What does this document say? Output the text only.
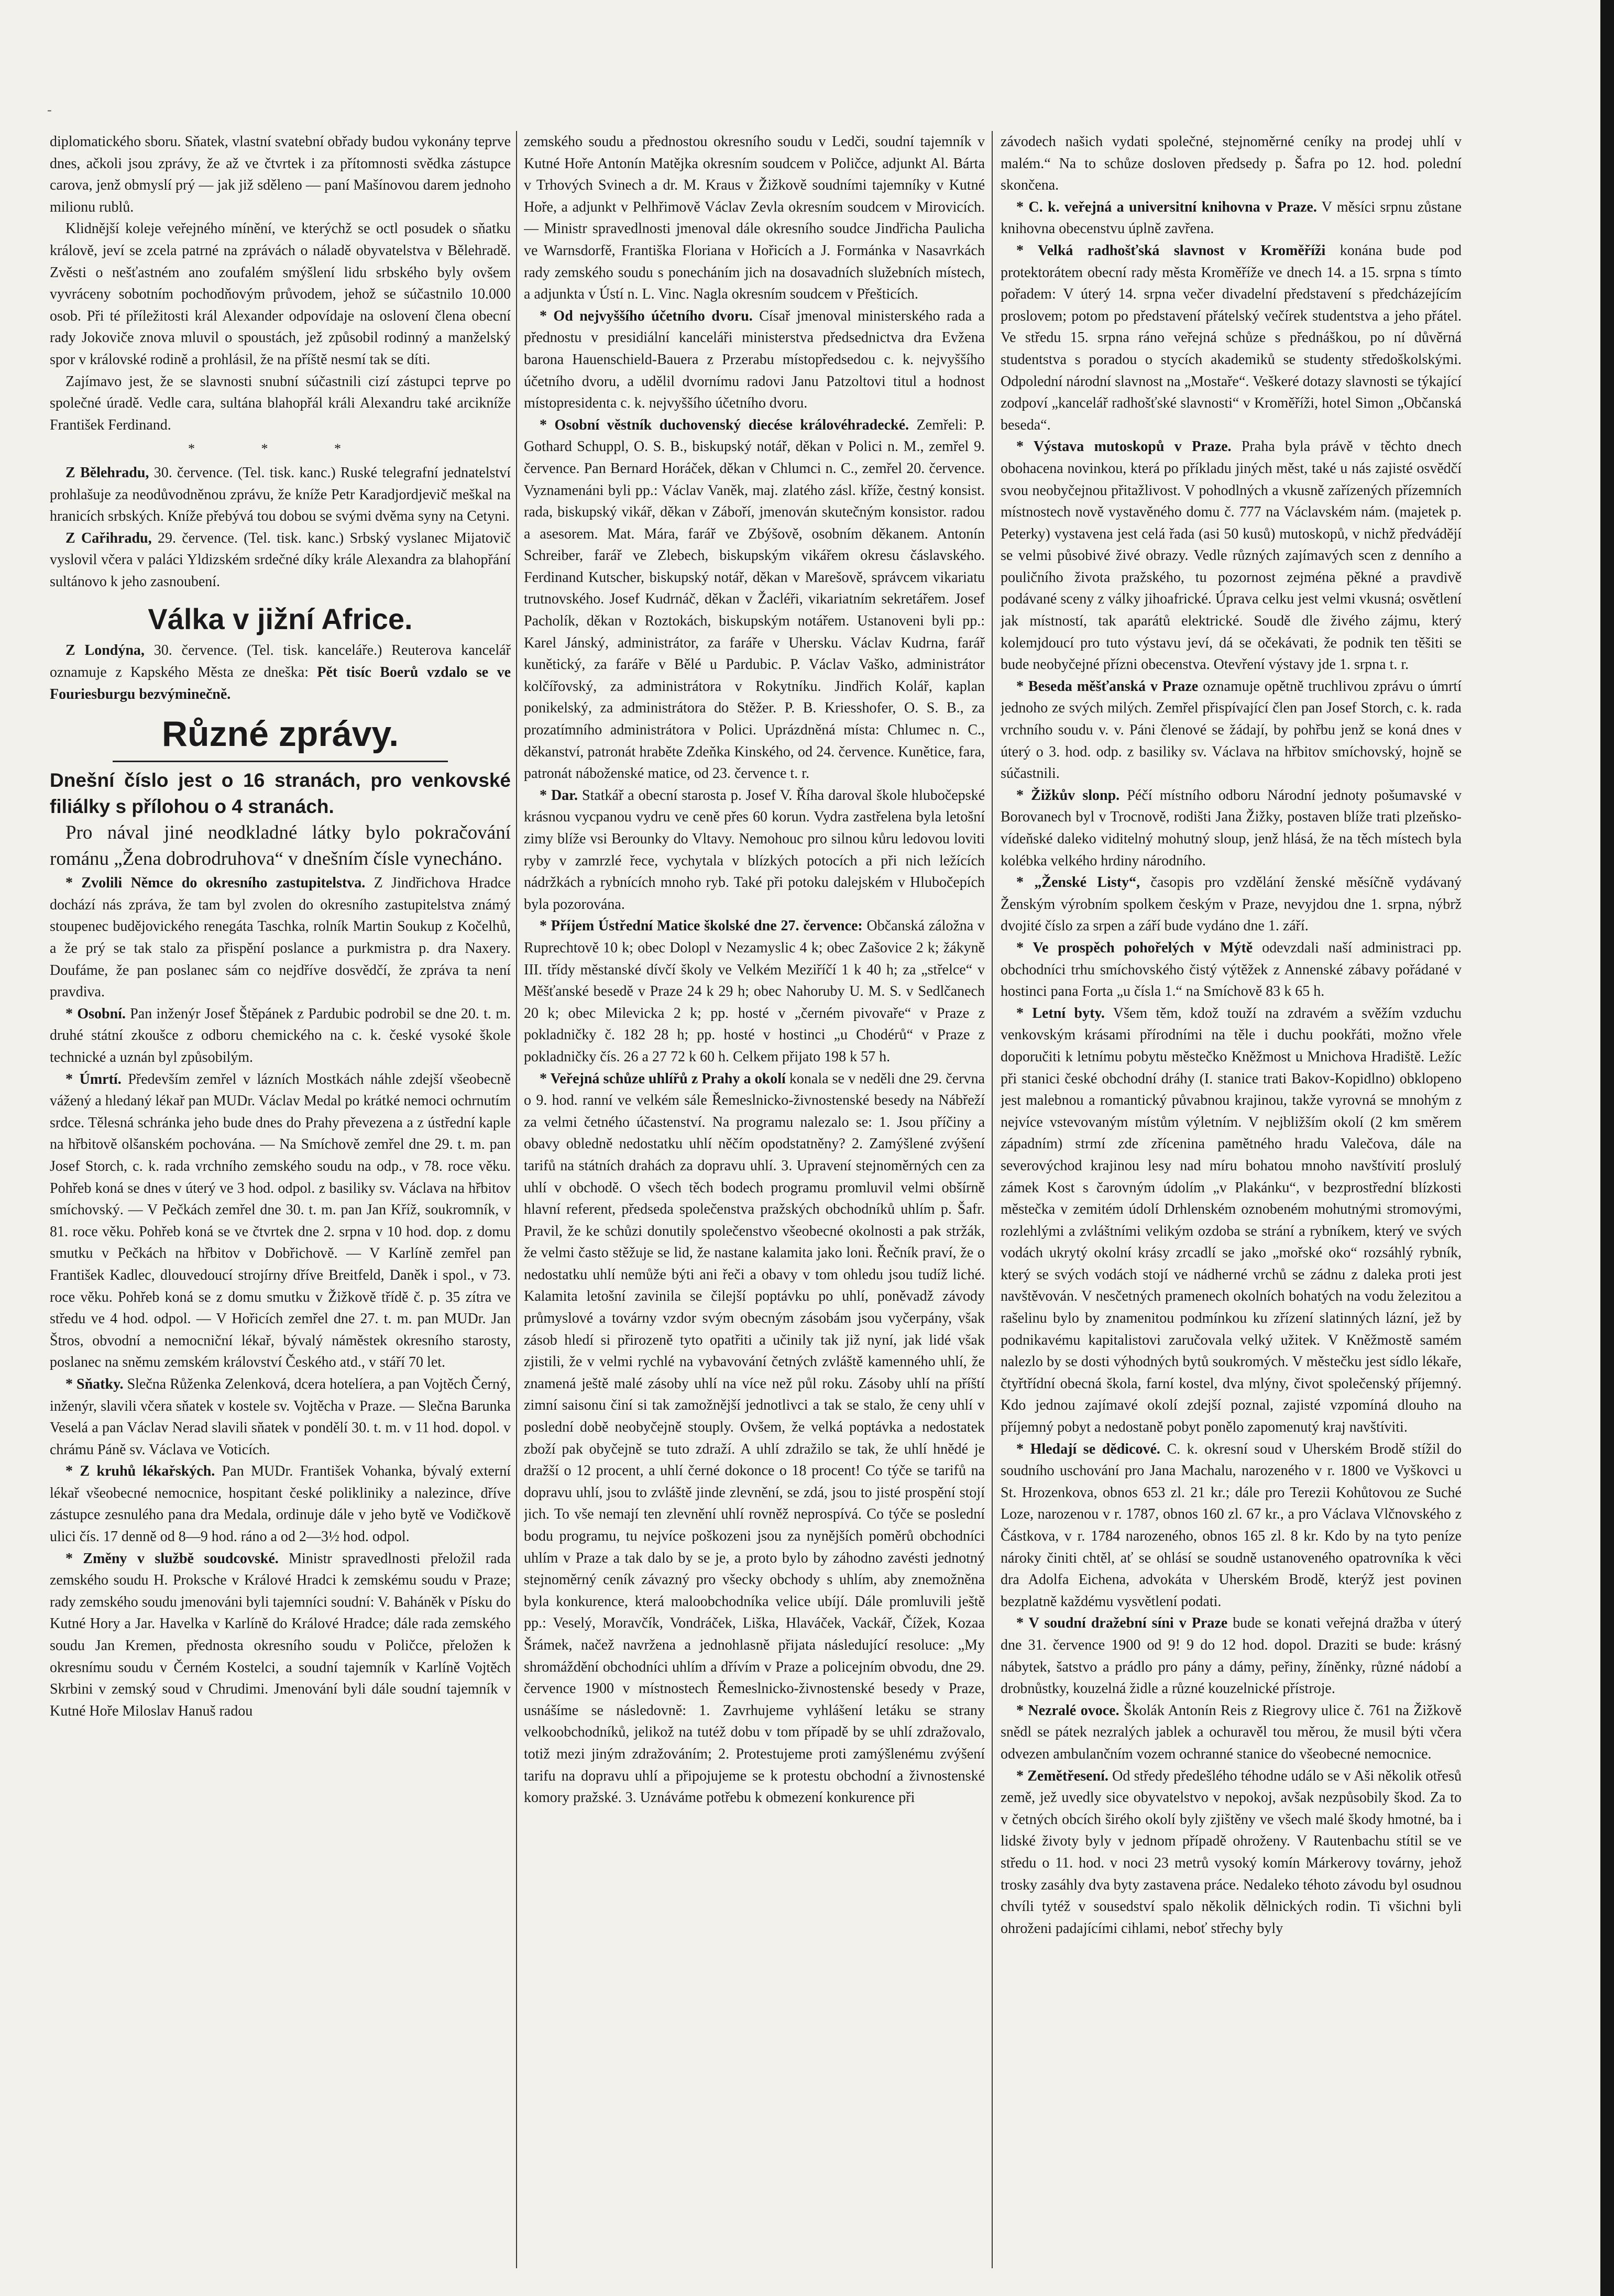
-

diplomatického sboru. Sňatek, vlastní svatební obřady budou vykonány teprve dnes, ačkoli jsou zprávy, že až ve čtvrtek i za přítomnosti svědka zástupce carova, jenž obmyslí prý — jak již sděleno — paní Mašínovou darem jednoho milionu rublů.

Klidnější koleje veřejného mínění, ve kterýchž se octl posudek o sňatku králově, jeví se zcela patrné na zprávách o náladě obyvatelstva v Bělehradě. Zvěsti o nešťastném ano zoufalém smýšlení lidu srbského byly ovšem vyvráceny sobotním pochodňovým průvodem, jehož se súčastnilo 10.000 osob. Při té příležitosti král Alexander odpovídaje na oslovení člena obecní rady Jokoviče znova mluvil o spoustách, jež způsobil rodinný a manželský spor v královské rodině a prohlásil, že na příště nesmí tak se díti.

Zajímavo jest, že se slavnosti snubní súčastnili cizí zástupci teprve po společné úradě. Vedle cara, sultána blahopřál králi Alexandru také arcikníže František Ferdinand.

* * *

Z Bělehradu, 30. července. (Tel. tisk. kanc.) Ruské telegrafní jednatelství prohlašuje za neodůvodněnou zprávu, že kníže Petr Karadjordjevič meškal na hranicích srbských. Kníže přebývá tou dobou se svými dvěma syny na Cetyni.

Z Cařihradu, 29. července. (Tel. tisk. kanc.) Srbský vyslanec Mijatovič vyslovil včera v paláci Yldizském srdečné díky krále Alexandra za blahopřání sultánovo k jeho zasnoubení.

Válka v jižní Africe.

Z Londýna, 30. července. (Tel. tisk. kanceláře.) Reuterova kancelář oznamuje z Kapského Města ze dneška: Pět tisíc Boerů vzdalo se ve Fouriesburgu bezvýminečně.

Různé zprávy.
Dnešní číslo jest o 16 stranách, pro venkovské filiálky s přílohou o 4 stranách.

Pro nával jiné neodkladné látky bylo pokračování románu „Žena dobrodruhova“ v dnešním čísle vynecháno.

* Zvolili Němce do okresního zastupitelstva. Z Jindřichova Hradce dochází nás zpráva, že tam byl zvolen do okresního zastupitelstva známý stoupenec budějovického renegáta Taschka, rolník Martin Soukup z Kočelhů, a že prý se tak stalo za přispění poslance a purkmistra p. dra Naxery. Doufáme, že pan poslanec sám co nejdříve dosvědčí, že zpráva ta není pravdiva.

* Osobní. Pan inženýr Josef Štěpánek z Pardubic podrobil se dne 20. t. m. druhé státní zkoušce z odboru chemického na c. k. české vysoké škole technické a uznán byl způsobilým.

* Úmrtí. Především zemřel v lázních Mostkách náhle zdejší všeobecně vážený a hledaný lékař pan MUDr. Václav Medal po krátké nemoci ochrnutím srdce. Tělesná schránka jeho bude dnes do Prahy převezena a z ústřední kaple na hřbitově olšanském pochována. — Na Smíchově zemřel dne 29. t. m. pan Josef Storch, c. k. rada vrchního zemského soudu na odp., v 78. roce věku. Pohřeb koná se dnes v úterý ve 3 hod. odpol. z basiliky sv. Václava na hřbitov smíchovský. — V Pečkách zemřel dne 30. t. m. pan Jan Kříž, soukromník, v 81. roce věku. Pohřeb koná se ve čtvrtek dne 2. srpna v 10 hod. dop. z domu smutku v Pečkách na hřbitov v Dobřichově. — V Karlíně zemřel pan František Kadlec, dlouvedoucí strojírny dříve Breitfeld, Daněk i spol., v 73. roce věku. Pohřeb koná se z domu smutku v Žižkově třídě č. p. 35 zítra ve středu ve 4 hod. odpol. — V Hořicích zemřel dne 27. t. m. pan MUDr. Jan Štros, obvodní a nemocniční lékař, bývalý náměstek okresního starosty, poslanec na sněmu zemském království Českého atd., v stáří 70 let.

* Sňatky. Slečna Růženka Zelenková, dcera hotelíera, a pan Vojtěch Černý, inženýr, slavili včera sňatek v kostele sv. Vojtěcha v Praze. — Slečna Barunka Veselá a pan Václav Nerad slavili sňatek v pondělí 30. t. m. v 11 hod. dopol. v chrámu Páně sv. Václava ve Voticích.

* Z kruhů lékařských. Pan MUDr. František Vohanka, bývalý externí lékař všeobecné nemocnice, hospitant české polikliniky a nalezince, dříve zástupce zesnulého pana dra Medala, ordinuje dále v jeho bytě ve Vodičkově ulici čís. 17 denně od 8—9 hod. ráno a od 2—3½ hod. odpol.

* Změny v službě soudcovské. Ministr spravedlnosti přeložil rada zemského soudu H. Proksche v Králové Hradci k zemskému soudu v Praze; rady zemského soudu jmenováni byli tajemníci soudní: V. Baháněk v Písku do Kutné Hory a Jar. Havelka v Karlíně do Králové Hradce; dále rada zemského soudu Jan Kremen, přednosta okresního soudu v Poličce, přeložen k okresnímu soudu v Černém Kostelci, a soudní tajemník v Karlíně Vojtěch Skrbini v zemský soud v Chrudimi. Jmenování byli dále soudní tajemník v Kutné Hoře Miloslav Hanuš radou

zemského soudu a přednostou okresního soudu v Ledči, soudní tajemník v Kutné Hoře Antonín Matějka okresním soudcem v Poličce, adjunkt Al. Bárta v Trhových Svinech a dr. M. Kraus v Žižkově soudními tajemníky v Kutné Hoře, a adjunkt v Pelhřimově Václav Zevla okresním soudcem v Mirovicích. — Ministr spravedlnosti jmenoval dále okresního soudce Jindřicha Paulicha ve Warnsdorfě, Františka Floriana v Hořicích a J. Formánka v Nasavrkách rady zemského soudu s ponecháním jich na dosavadních služebních místech, a adjunkta v Ústí n. L. Vinc. Nagla okresním soudcem v Přešticích.

* Od nejvyššího účetního dvoru. Císař jmenoval ministerského rada a přednostu v presidiální kanceláři ministerstva předsednictva dra Evžena barona Hauenschield-Bauera z Przerabu místopředsedou c. k. nejvyššího účetního dvoru, a udělil dvornímu radovi Janu Patzoltovi titul a hodnost místopresidenta c. k. nejvyššího účetního dvoru.

* Osobní věstník duchovenský diecése královéhradecké. Zemřeli: P. Gothard Schuppl, O. S. B., biskupský notář, děkan v Polici n. M., zemřel 9. července. Pan Bernard Horáček, děkan v Chlumci n. C., zemřel 20. července. Vyznamenáni byli pp.: Václav Vaněk, maj. zlatého zásl. kříže, čestný konsist. rada, biskupský vikář, děkan v Záboří, jmenován skutečným konsistor. radou a asesorem. Mat. Mára, farář ve Zbýšově, osobním děkanem. Antonín Schreiber, farář ve Zlebech, biskupským vikářem okresu čáslavského. Ferdinand Kutscher, biskupský notář, děkan v Marešově, správcem vikariatu trutnovského. Josef Kudrnáč, děkan v Žacléři, vikariatním sekretářem. Josef Pacholík, děkan v Roztokách, biskupským notářem. Ustanoveni byli pp.: Karel Jánský, administrátor, za faráře v Uhersku. Václav Kudrna, farář kunětický, za faráře v Bělé u Pardubic. P. Václav Vaško, administrátor kolčířovský, za administrátora v Rokytníku. Jindřich Kolář, kaplan ponikelský, za administrátora do Stěžer. P. B. Kriesshofer, O. S. B., za prozatímního administrátora v Polici. Uprázdněná místa: Chlumec n. C., děkanství, patronát hraběte Zdeňka Kinského, od 24. července. Kunětice, fara, patronát náboženské matice, od 23. července t. r.

* Dar. Statkář a obecní starosta p. Josef V. Říha daroval škole hlubočepské krásnou vycpanou vydru ve ceně přes 60 korun. Vydra zastřelena byla letošní zimy blíže vsi Berounky do Vltavy. Nemohouc pro silnou kůru ledovou loviti ryby v zamrzlé řece, vychytala v blízkých potocích a při nich ležících nádržkách a rybnících mnoho ryb. Také při potoku dalejském v Hlubočepích byla pozorována.

* Příjem Ústřední Matice školské dne 27. července: Občanská záložna v Ruprechtově 10 k; obec Dolopl v Nezamyslic 4 k; obec Zašovice 2 k; žákyně III. třídy městanské dívčí školy ve Velkém Meziříčí 1 k 40 h; za „střelce“ v Měšťanské besedě v Praze 24 k 29 h; obec Nahoruby U. M. S. v Sedlčanech 20 k; obec Milevicka 2 k; pp. hosté v „černém pivovaře“ v Praze z pokladničky č. 182 28 h; pp. hosté v hostinci „u Chodérů“ v Praze z pokladničky čís. 26 a 27 72 k 60 h. Celkem přijato 198 k 57 h.

* Veřejná schůze uhlířů z Prahy a okolí konala se v neděli dne 29. června o 9. hod. ranní ve velkém sále Řemeslnicko-živnostenské besedy na Nábřeží za velmi četného účastenství. Na programu nalezalo se: 1. Jsou příčiny a obavy obledně nedostatku uhlí něčím opodstatněny? 2. Zamýšlené zvýšení tarifů na státních drahách za dopravu uhlí. 3. Upravení stejnoměrných cen za uhlí v obchodě. O všech těch bodech programu promluvil velmi obšírně hlavní referent, předseda společenstva pražských obchodníků uhlím p. Šafr. Pravil, že ke schůzi donutily společenstvo všeobecné okolnosti a pak stržák, že velmi často stěžuje se lid, že nastane kalamita jako loni. Řečník praví, že o nedostatku uhlí nemůže býti ani řeči a obavy v tom ohledu jsou tudíž liché. Kalamita letošní zavinila se čilejší poptávku po uhlí, poněvadž závody průmyslové a továrny vzdor svým obecným zásobám jsou vyčerpány, však zásob hledí si přirozeně tyto opatřiti a učinily tak již nyní, jak lidé však zjistili, že v velmi rychlé na vybavování četných zvláště kamenného uhlí, že znamená ještě malé zásoby uhlí na více než půl roku. Zásoby uhlí na příští zimní saisonu činí si tak zamožnější jednotlivci a tak se stalo, že ceny uhlí v poslední době neobyčejně stouply. Ovšem, že velká poptávka a nedostatek zboží pak obyčejně se tuto zdraží. A uhlí zdražilo se tak, že uhlí hnědé je dražší o 12 procent, a uhlí černé dokonce o 18 procent! Co týče se tarifů na dopravu uhlí, jsou to zvláště jinde zlevnění, se zdá, jsou to jisté prospění stojí jich. To vše nemají ten zlevnění uhlí rovněž neprospívá. Co týče se poslední bodu programu, tu nejvíce poškozeni jsou za nynějších poměrů obchodníci uhlím v Praze a tak dalo by se je, a proto bylo by záhodno zavésti jednotný stejnoměrný ceník závazný pro všecky obchody s uhlím, aby znemožněna byla konkurence, která maloobchodníka velice ubíjí. Dále promluvili ještě pp.: Veselý, Moravčík, Vondráček, Liška, Hlaváček, Vackář, Čížek, Kozaa Šrámek, načež navržena a jednohlasně přijata následující resoluce: „My shromáždění obchodníci uhlím a dřívím v Praze a policejním obvodu, dne 29. července 1900 v místnostech Řemeslnicko-živnostenské besedy v Praze, usnášíme se následovně: 1. Zavrhujeme vyhlášení letáku se strany velkoobchodníků, jelikož na tutéž dobu v tom případě by se uhlí zdražovalo, totiž mezi jiným zdražováním; 2. Protestujeme proti zamýšlenému zvýšení tarifu na dopravu uhlí a připojujeme se k protestu obchodní a živnostenské komory pražské. 3. Uznáváme potřebu k obmezení konkurence při

závodech našich vydati společné, stejnoměrné ceníky na prodej uhlí v malém.“ Na to schůze dosloven předsedy p. Šafra po 12. hod. polední skončena.

* C. k. veřejná a universitní knihovna v Praze. V měsíci srpnu zůstane knihovna obecenstvu úplně zavřena.

* Velká radhošťská slavnost v Kroměříži konána bude pod protektorátem obecní rady města Kroměříže ve dnech 14. a 15. srpna s tímto pořadem: V úterý 14. srpna večer divadelní představení s předcházejícím proslovem; potom po představení přátelský večírek studentstva a jeho přátel. Ve středu 15. srpna ráno veřejná schůze s přednáškou, po ní důvěrná studentstva s poradou o stycích akademiků se studenty středoškolskými. Odpolední národní slavnost na „Mostaře“. Veškeré dotazy slavnosti se týkající zodpoví „kancelář radhošťské slavnosti“ v Kroměříži, hotel Simon „Občanská beseda“.

* Výstava mutoskopů v Praze. Praha byla právě v těchto dnech obohacena novinkou, která po příkladu jiných měst, také u nás zajisté osvědčí svou neobyčejnou přitažlivost. V pohodlných a vkusně zařízených přízemních místnostech nově vystavěného domu č. 777 na Václavském nám. (majetek p. Peterky) vystavena jest celá řada (asi 50 kusů) mutoskopů, v nichž předvádějí se velmi působivé živé obrazy. Vedle různých zajímavých scen z denního a pouličního života pražského, tu pozornost zejména pěkné a pravdivě podávané sceny z války jihoafrické. Úprava celku jest velmi vkusná; osvětlení jak místností, tak aparátů elektrické. Soudě dle živého zájmu, který kolemjdoucí pro tuto výstavu jeví, dá se očekávati, že podnik ten těšiti se bude neobyčejné přízni obecenstva. Otevření výstavy jde 1. srpna t. r.

* Beseda měšťanská v Praze oznamuje opětně truchlivou zprávu o úmrtí jednoho ze svých milých. Zemřel přispívající člen pan Josef Storch, c. k. rada vrchního soudu v. v. Páni členové se žádají, by pohřbu jenž se koná dnes v úterý o 3. hod. odp. z basiliky sv. Václava na hřbitov smíchovský, hojně se súčastnili.

* Žižkův slonp. Péčí místního odboru Národní jednoty pošumavské v Borovanech byl v Trocnově, rodišti Jana Žižky, postaven blíže trati plzeňsko-vídeňské daleko viditelný mohutný sloup, jenž hlásá, že na těch místech byla kolébka velkého hrdiny národního.

* „Ženské Listy“, časopis pro vzdělání ženské měsíčně vydávaný Ženským výrobním spolkem českým v Praze, nevyjdou dne 1. srpna, nýbrž dvojité číslo za srpen a září bude vydáno dne 1. září.

* Ve prospěch pohořelých v Mýtě odevzdali naší administraci pp. obchodníci trhu smíchovského čistý výtěžek z Annenské zábavy pořádané v hostinci pana Forta „u čísla 1.“ na Smíchově 83 k 65 h.

* Letní byty. Všem těm, kdož touží na zdravém a svěžím vzduchu venkovským krásami přírodními na těle i duchu pookřáti, možno vřele doporučiti k letnímu pobytu městečko Kněžmost u Mnichova Hradiště. Ležíc při stanici české obchodní dráhy (I. stanice trati Bakov-Kopidlno) obklopeno jest malebnou a romantický půvabnou krajinou, takže vyrovná se mnohým z nejvíce vstevovaným místům výletním. V nejbližším okolí (2 km směrem západním) strmí zde zřícenina pamětného hradu Valečova, dále na severovýchod krajinou lesy nad míru bohatou mnoho navštívití proslulý zámek Kost s čarovným údolím „v Plakánku“, v bezprostřední blízkosti městečka v zemitém údolí Drhlenském oznobeném mohutnými stromovými, rozlehlými a zvláštními velikým ozdoba se strání a rybníkem, který ve svých vodách ukrytý okolní krásy zrcadlí se jako „mořské oko“ rozsáhlý rybník, který se svých vodách stojí ve nádherné vrchů se zádnu z daleka proti jest navštěvován. V nesčetných pramenech okolních bohatých na vodu železitou a rašelinu bylo by znamenitou podmínkou ku zřízení slatinných lázní, jež by podnikavému kapitalistovi zaručovala velký užitek. V Kněžmostě samém nalezlo by se dosti výhodných bytů soukromých. V městečku jest sídlo lékaře, čtyřtřídní obecná škola, farní kostel, dva mlýny, čivot společenský příjemný. Kdo jednou zajímavé okolí zdejší poznal, zajisté vzpomíná dlouho na příjemný pobyt a nedostaně pobyt ponělo zapomenutý kraj navštíviti.

* Hledají se dědicové. C. k. okresní soud v Uherském Brodě stížil do soudního uschování pro Jana Machalu, narozeného v r. 1800 ve Vyškovci u St. Hrozenkova, obnos 653 zl. 21 kr.; dále pro Terezii Kohůtovou ze Suché Loze, narozenou v r. 1787, obnos 160 zl. 67 kr., a pro Václava Vlčnovského z Částkova, v r. 1784 narozeného, obnos 165 zl. 8 kr. Kdo by na tyto peníze nároky činiti chtěl, ať se ohlásí se soudně ustanoveného opatrovníka k věci dra Adolfa Eichena, advokáta v Uherském Brodě, kterýž jest povinen bezplatně každému vysvětlení podati.

* V soudní dražební síni v Praze bude se konati veřejná dražba v úterý dne 31. července 1900 od 9! 9 do 12 hod. dopol. Draziti se bude: krásný nábytek, šatstvo a prádlo pro pány a dámy, peřiny, žíněnky, různé nádobí a drobnůstky, kouzelná židle a různé kouzelnické přístroje.

* Nezralé ovoce. Školák Antonín Reis z Riegrovy ulice č. 761 na Žižkově snědl se pátek nezralých jablek a ochuravěl tou měrou, že musil býti včera odvezen ambulančním vozem ochranné stanice do všeobecné nemocnice.

* Zemětřesení. Od středy předešlého téhodne událo se v Aši několik otřesů země, jež uvedly sice obyvatelstvo v nepokoj, avšak nezpůsobily škod. Za to v četných obcích širého okolí byly zjištěny ve všech malé škody hmotné, ba i lidské životy byly v jednom případě ohroženy. V Rautenbachu stítil se ve středu o 11. hod. v noci 23 metrů vysoký komín Márkerovy továrny, jehož trosky zasáhly dva byty zastavena práce. Nedaleko téhoto závodu byl osudnou chvíli tytéž v sousedství spalo několik dělnických rodin. Ti všichni byli ohroženi padajícími cihlami, neboť střechy byly
